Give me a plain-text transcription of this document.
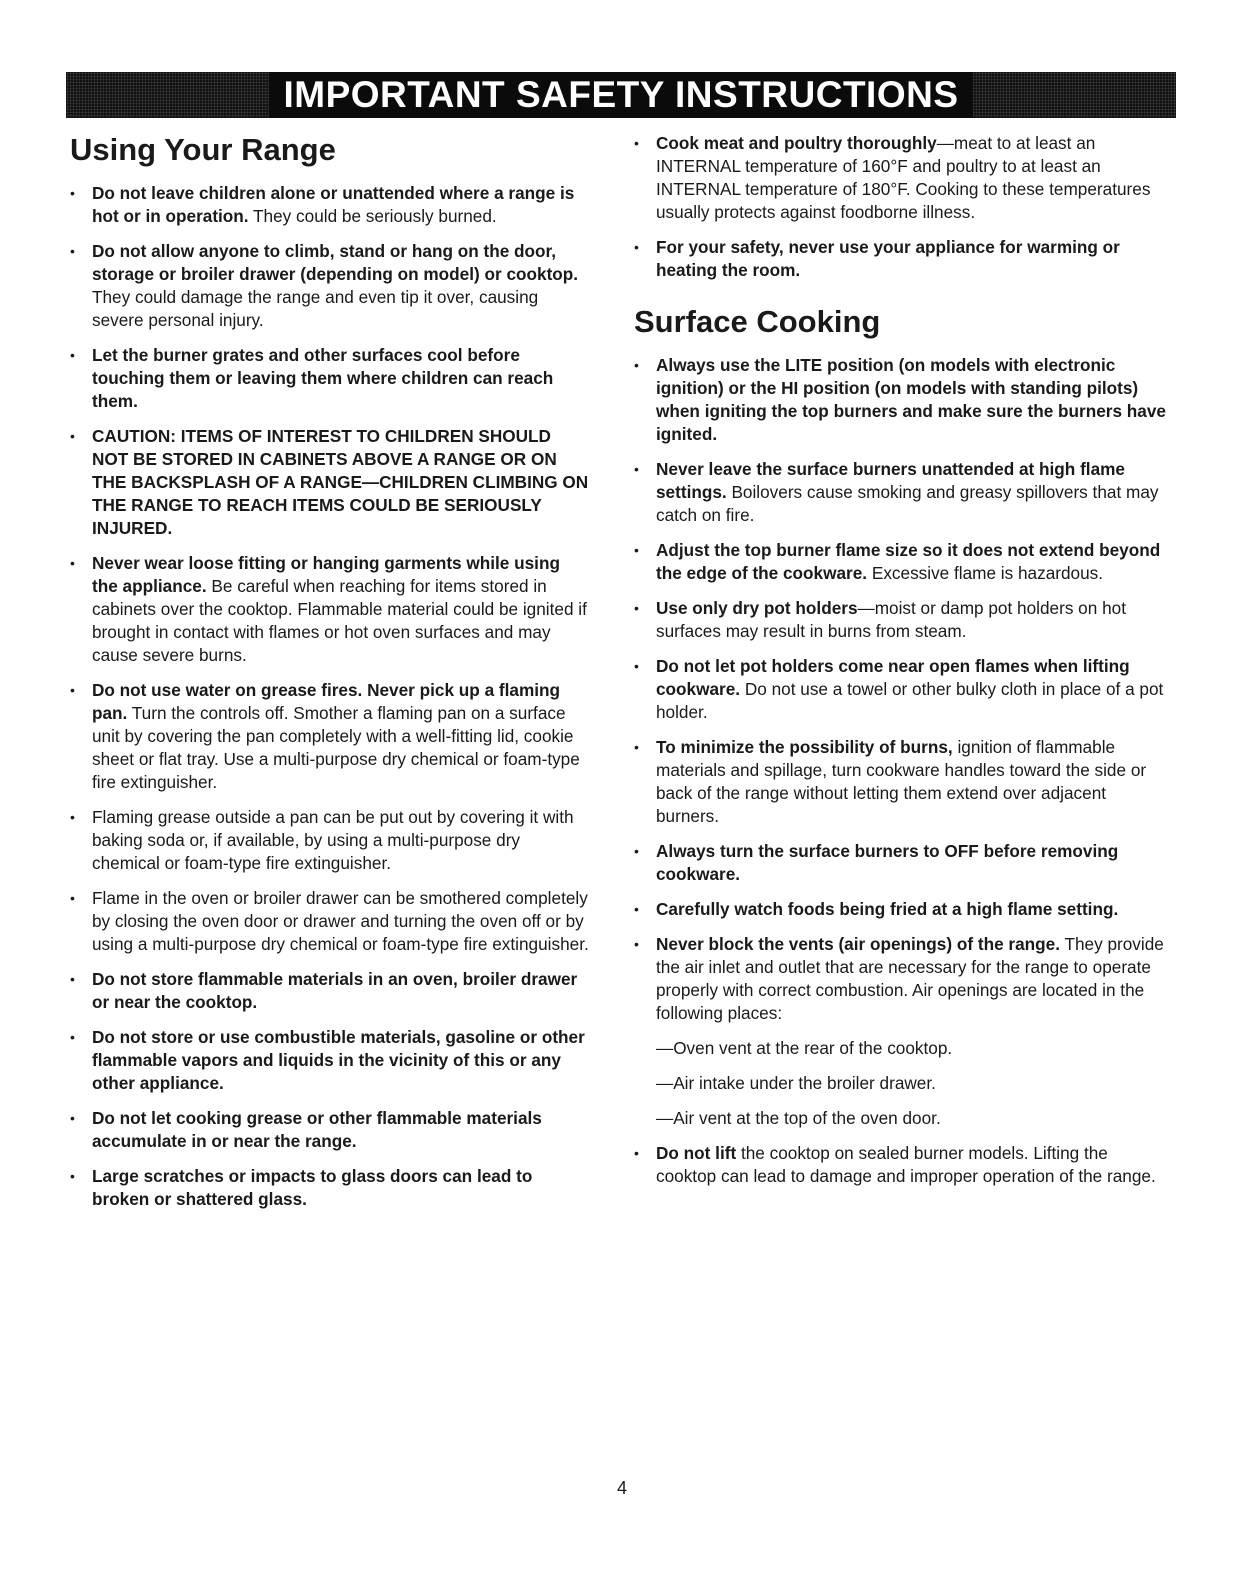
IMPORTANT SAFETY INSTRUCTIONS
Using Your Range
• Do not leave children alone or unattended where a range is hot or in operation. They could be seriously burned.
• Do not allow anyone to climb, stand or hang on the door, storage or broiler drawer (depending on model) or cooktop. They could damage the range and even tip it over, causing severe personal injury.
• Let the burner grates and other surfaces cool before touching them or leaving them where children can reach them.
• CAUTION: ITEMS OF INTEREST TO CHILDREN SHOULD NOT BE STORED IN CABINETS ABOVE A RANGE OR ON THE BACKSPLASH OF A RANGE—CHILDREN CLIMBING ON THE RANGE TO REACH ITEMS COULD BE SERIOUSLY INJURED.
• Never wear loose fitting or hanging garments while using the appliance. Be careful when reaching for items stored in cabinets over the cooktop. Flammable material could be ignited if brought in contact with flames or hot oven surfaces and may cause severe burns.
• Do not use water on grease fires. Never pick up a flaming pan. Turn the controls off. Smother a flaming pan on a surface unit by covering the pan completely with a well-fitting lid, cookie sheet or flat tray. Use a multi-purpose dry chemical or foam-type fire extinguisher.
• Flaming grease outside a pan can be put out by covering it with baking soda or, if available, by using a multi-purpose dry chemical or foam-type fire extinguisher.
• Flame in the oven or broiler drawer can be smothered completely by closing the oven door or drawer and turning the oven off or by using a multi-purpose dry chemical or foam-type fire extinguisher.
• Do not store flammable materials in an oven, broiler drawer or near the cooktop.
• Do not store or use combustible materials, gasoline or other flammable vapors and liquids in the vicinity of this or any other appliance.
• Do not let cooking grease or other flammable materials accumulate in or near the range.
• Large scratches or impacts to glass doors can lead to broken or shattered glass.
• Cook meat and poultry thoroughly—meat to at least an INTERNAL temperature of 160°F and poultry to at least an INTERNAL temperature of 180°F. Cooking to these temperatures usually protects against foodborne illness.
• For your safety, never use your appliance for warming or heating the room.
Surface Cooking
• Always use the LITE position (on models with electronic ignition) or the HI position (on models with standing pilots) when igniting the top burners and make sure the burners have ignited.
• Never leave the surface burners unattended at high flame settings. Boilovers cause smoking and greasy spillovers that may catch on fire.
• Adjust the top burner flame size so it does not extend beyond the edge of the cookware. Excessive flame is hazardous.
• Use only dry pot holders—moist or damp pot holders on hot surfaces may result in burns from steam.
• Do not let pot holders come near open flames when lifting cookware. Do not use a towel or other bulky cloth in place of a pot holder.
• To minimize the possibility of burns, ignition of flammable materials and spillage, turn cookware handles toward the side or back of the range without letting them extend over adjacent burners.
• Always turn the surface burners to OFF before removing cookware.
• Carefully watch foods being fried at a high flame setting.
• Never block the vents (air openings) of the range. They provide the air inlet and outlet that are necessary for the range to operate properly with correct combustion. Air openings are located in the following places:

—Oven vent at the rear of the cooktop.

—Air intake under the broiler drawer.

—Air vent at the top of the oven door.

• Do not lift the cooktop on sealed burner models. Lifting the cooktop can lead to damage and improper operation of the range.
4
